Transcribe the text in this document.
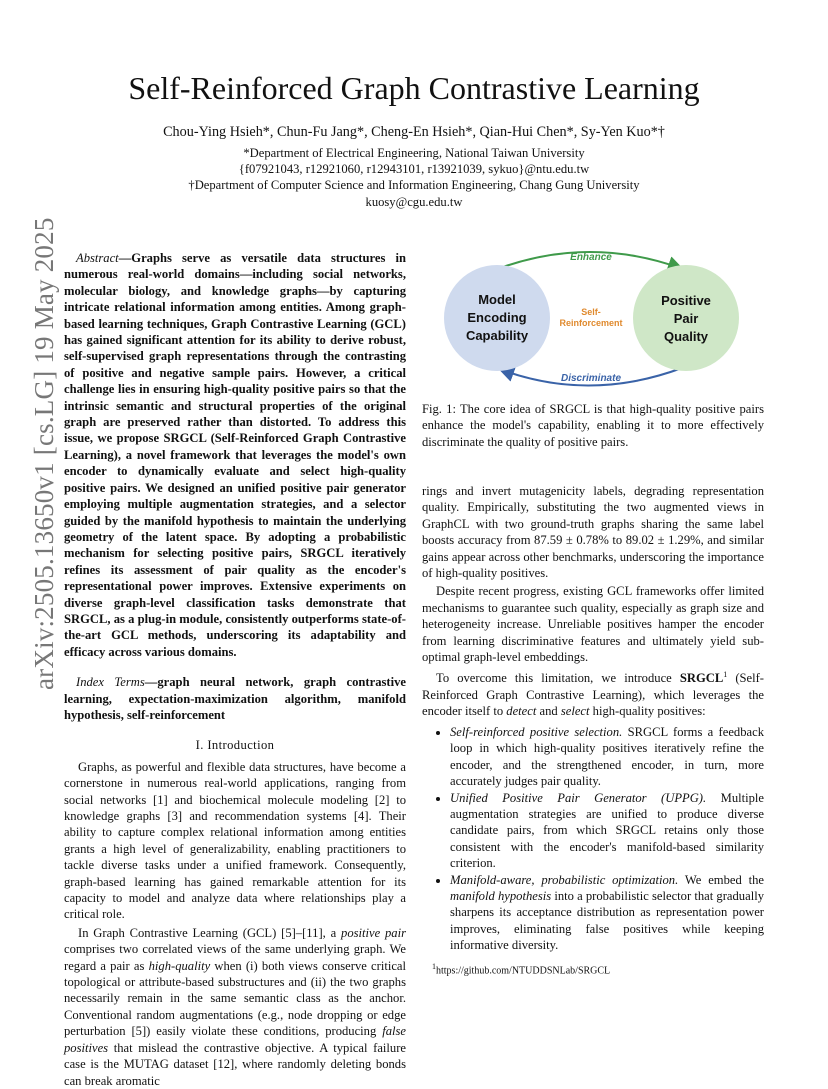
arXiv:2505.13650v1 [cs.LG] 19 May 2025
Self-Reinforced Graph Contrastive Learning
Chou-Ying Hsieh*, Chun-Fu Jang*, Cheng-En Hsieh*, Qian-Hui Chen*, Sy-Yen Kuo*†
*Department of Electrical Engineering, National Taiwan University
{f07921043, r12921060, r12943101, r13921039, sykuo}@ntu.edu.tw
†Department of Computer Science and Information Engineering, Chang Gung University
kuosy@cgu.edu.tw

Abstract—Graphs serve as versatile data structures in numerous real-world domains—including social networks, molecular biology, and knowledge graphs—by capturing intricate relational information among entities. Among graph-based learning techniques, Graph Contrastive Learning (GCL) has gained significant attention for its ability to derive robust, self-supervised graph representations through the contrasting of positive and negative sample pairs. However, a critical challenge lies in ensuring high-quality positive pairs so that the intrinsic semantic and structural properties of the original graph are preserved rather than distorted. To address this issue, we propose SRGCL (Self-Reinforced Graph Contrastive Learning), a novel framework that leverages the model's own encoder to dynamically evaluate and select high-quality positive pairs. We designed an unified positive pair generator employing multiple augmentation strategies, and a selector guided by the manifold hypothesis to maintain the underlying geometry of the latent space. By adopting a probabilistic mechanism for selecting positive pairs, SRGCL iteratively refines its assessment of pair quality as the encoder's representational power improves. Extensive experiments on diverse graph-level classification tasks demonstrate that SRGCL, as a plug-in module, consistently outperforms state-of-the-art GCL methods, underscoring its adaptability and efficacy across various domains.

Index Terms—graph neural network, graph contrastive learning, expectation-maximization algorithm, manifold hypothesis, self-reinforcement

I. Introduction

Graphs, as powerful and flexible data structures, have become a cornerstone in numerous real-world applications, ranging from social networks [1] and biochemical molecule modeling [2] to knowledge graphs [3] and recommendation systems [4]. Their ability to capture complex relational information among entities grants a high level of generalizability, enabling practitioners to tackle diverse tasks under a unified framework. Consequently, graph-based learning has gained remarkable attention for its capacity to model and analyze data where relationships play a critical role.

In Graph Contrastive Learning (GCL) [5]–[11], a positive pair comprises two correlated views of the same underlying graph. We regard a pair as high-quality when (i) both views conserve critical topological or attribute-based substructures and (ii) the two graphs necessarily remain in the same semantic class as the anchor. Conventional random augmentations (e.g., node dropping or edge perturbation [5]) easily violate these conditions, producing false positives that mislead the contrastive objective. A typical failure case is the MUTAG dataset [12], where randomly deleting bonds can break aromatic

Model
Encoding
Capability
Positive
Pair
Quality
Enhance
Discriminate
Self-
Reinforcement
Fig. 1: The core idea of SRGCL is that high-quality positive pairs enhance the model's capability, enabling it to more effectively discriminate the quality of positive pairs.

rings and invert mutagenicity labels, degrading representation quality. Empirically, substituting the two augmented views in GraphCL with two ground-truth graphs sharing the same label boosts accuracy from 87.59 ± 0.78% to 89.02 ± 1.29%, and similar gains appear across other benchmarks, underscoring the importance of high-quality positives.

Despite recent progress, existing GCL frameworks offer limited mechanisms to guarantee such quality, especially as graph size and heterogeneity increase. Unreliable positives hamper the encoder from learning discriminative features and ultimately yield sub-optimal graph-level embeddings.

To overcome this limitation, we introduce SRGCL$^1$ (Self-Reinforced Graph Contrastive Learning), which leverages the encoder itself to detect and select high-quality positives:

• Self-reinforced positive selection. SRGCL forms a feedback loop in which high-quality positives iteratively refine the encoder, and the strengthened encoder, in turn, more accurately judges pair quality.
• Unified Positive Pair Generator (UPPG). Multiple augmentation strategies are unified to produce diverse candidate pairs, from which SRGCL retains only those consistent with the encoder's manifold-based similarity criterion.
• Manifold-aware, probabilistic optimization. We embed the manifold hypothesis into a probabilistic selector that gradually sharpens its acceptance distribution as representation power improves, eliminating false positives while keeping informative diversity.
$^1$https://github.com/NTUDDSNLab/SRGCL
